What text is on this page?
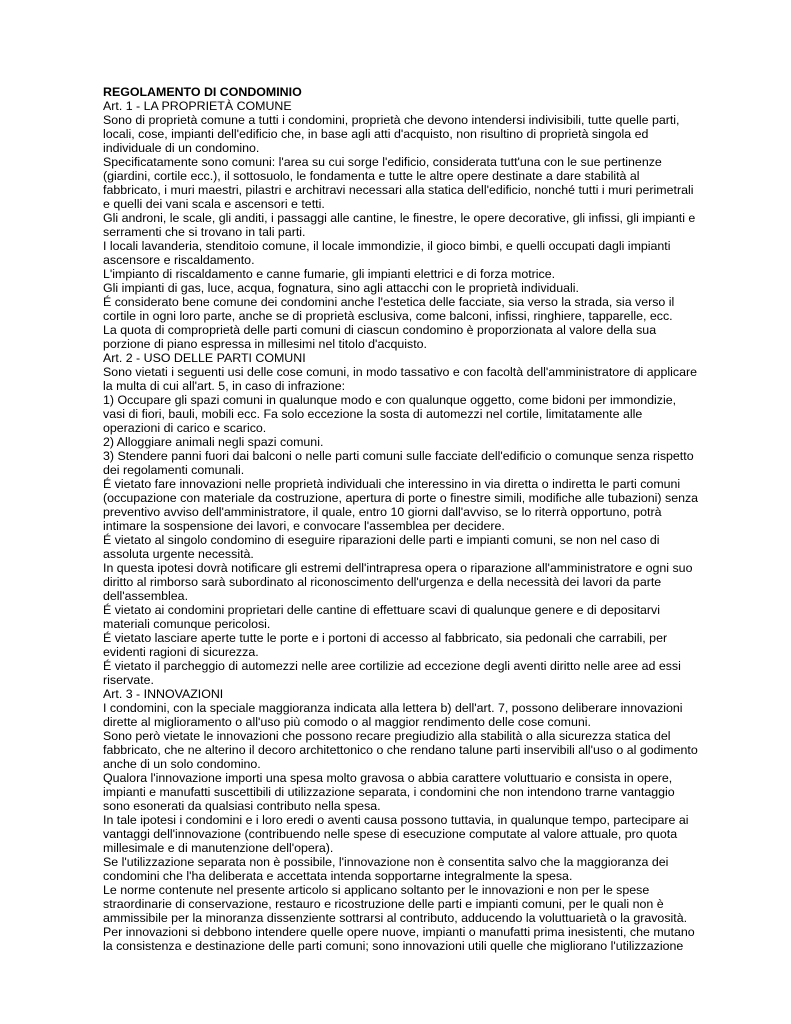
REGOLAMENTO DI CONDOMINIO
Art. 1 - LA PROPRIETÀ COMUNE
Sono di proprietà comune a tutti i condomini, proprietà che devono intendersi indivisibili, tutte quelle parti,
locali, cose, impianti dell'edificio che, in base agli atti d'acquisto, non risultino di proprietà singola ed
individuale di un condomino.
Specificatamente sono comuni: l'area su cui sorge l'edificio, considerata tutt'una con le sue pertinenze
(giardini, cortile ecc.), il sottosuolo, le fondamenta e tutte le altre opere destinate a dare stabilità al
fabbricato, i muri maestri, pilastri e architravi necessari alla statica dell'edificio, nonché tutti i muri perimetrali
e quelli dei vani scala e ascensori e tetti.
Gli androni, le scale, gli anditi, i passaggi alle cantine, le finestre, le opere decorative, gli infissi, gli impianti e
serramenti che si trovano in tali parti.
I locali lavanderia, stenditoio comune, il locale immondizie, il gioco bimbi, e quelli occupati dagli impianti
ascensore e riscaldamento.
L'impianto di riscaldamento e canne fumarie, gli impianti elettrici e di forza motrice.
Gli impianti di gas, luce, acqua, fognatura, sino agli attacchi con le proprietà individuali.
É considerato bene comune dei condomini anche l'estetica delle facciate, sia verso la strada, sia verso il
cortile in ogni loro parte, anche se di proprietà esclusiva, come balconi, infissi, ringhiere, tapparelle, ecc.
La quota di comproprietà delle parti comuni di ciascun condomino è proporzionata al valore della sua
porzione di piano espressa in millesimi nel titolo d'acquisto.
Art. 2 - USO DELLE PARTI COMUNI
Sono vietati i seguenti usi delle cose comuni, in modo tassativo e con facoltà dell'amministratore di applicare
la multa di cui all'art. 5, in caso di infrazione:
1) Occupare gli spazi comuni in qualunque modo e con qualunque oggetto, come bidoni per immondizie,
vasi di fiori, bauli, mobili ecc. Fa solo eccezione la sosta di automezzi nel cortile, limitatamente alle
operazioni di carico e scarico.
2) Alloggiare animali negli spazi comuni.
3) Stendere panni fuori dai balconi o nelle parti comuni sulle facciate dell'edificio o comunque senza rispetto
dei regolamenti comunali.
É vietato fare innovazioni nelle proprietà individuali che interessino in via diretta o indiretta le parti comuni
(occupazione con materiale da costruzione, apertura di porte o finestre simili, modifiche alle tubazioni) senza
preventivo avviso dell'amministratore, il quale, entro 10 giorni dall'avviso, se lo riterrà opportuno, potrà
intimare la sospensione dei lavori, e convocare l'assemblea per decidere.
É vietato al singolo condomino di eseguire riparazioni delle parti e impianti comuni, se non nel caso di
assoluta urgente necessità.
In questa ipotesi dovrà notificare gli estremi dell'intrapresa opera o riparazione all'amministratore e ogni suo
diritto al rimborso sarà subordinato al riconoscimento dell'urgenza e della necessità dei lavori da parte
dell'assemblea.
É vietato ai condomini proprietari delle cantine di effettuare scavi di qualunque genere e di depositarvi
materiali comunque pericolosi.
É vietato lasciare aperte tutte le porte e i portoni di accesso al fabbricato, sia pedonali che carrabili, per
evidenti ragioni di sicurezza.
É vietato il parcheggio di automezzi nelle aree cortilizie ad eccezione degli aventi diritto nelle aree ad essi
riservate.
Art. 3 - INNOVAZIONI
I condomini, con la speciale maggioranza indicata alla lettera b) dell'art. 7, possono deliberare innovazioni
dirette al miglioramento o all'uso più comodo o al maggior rendimento delle cose comuni.
Sono però vietate le innovazioni che possono recare pregiudizio alla stabilità o alla sicurezza statica del
fabbricato, che ne alterino il decoro architettonico o che rendano talune parti inservibili all'uso o al godimento
anche di un solo condomino.
Qualora l'innovazione importi una spesa molto gravosa o abbia carattere voluttuario e consista in opere,
impianti e manufatti suscettibili di utilizzazione separata, i condomini che non intendono trarne vantaggio
sono esonerati da qualsiasi contributo nella spesa.
In tale ipotesi i condomini e i loro eredi o aventi causa possono tuttavia, in qualunque tempo, partecipare ai
vantaggi dell'innovazione (contribuendo nelle spese di esecuzione computate al valore attuale, pro quota
millesimale e di manutenzione dell'opera).
Se l'utilizzazione separata non è possibile, l'innovazione non è consentita salvo che la maggioranza dei
condomini che l'ha deliberata e accettata intenda sopportarne integralmente la spesa.
Le norme contenute nel presente articolo si applicano soltanto per le innovazioni e non per le spese
straordinarie di conservazione, restauro e ricostruzione delle parti e impianti comuni, per le quali non è
ammissibile per la minoranza dissenziente sottrarsi al contributo, adducendo la voluttuarietà o la gravosità.
Per innovazioni si debbono intendere quelle opere nuove, impianti o manufatti prima inesistenti, che mutano
la consistenza e destinazione delle parti comuni; sono innovazioni utili quelle che migliorano l'utilizzazione
